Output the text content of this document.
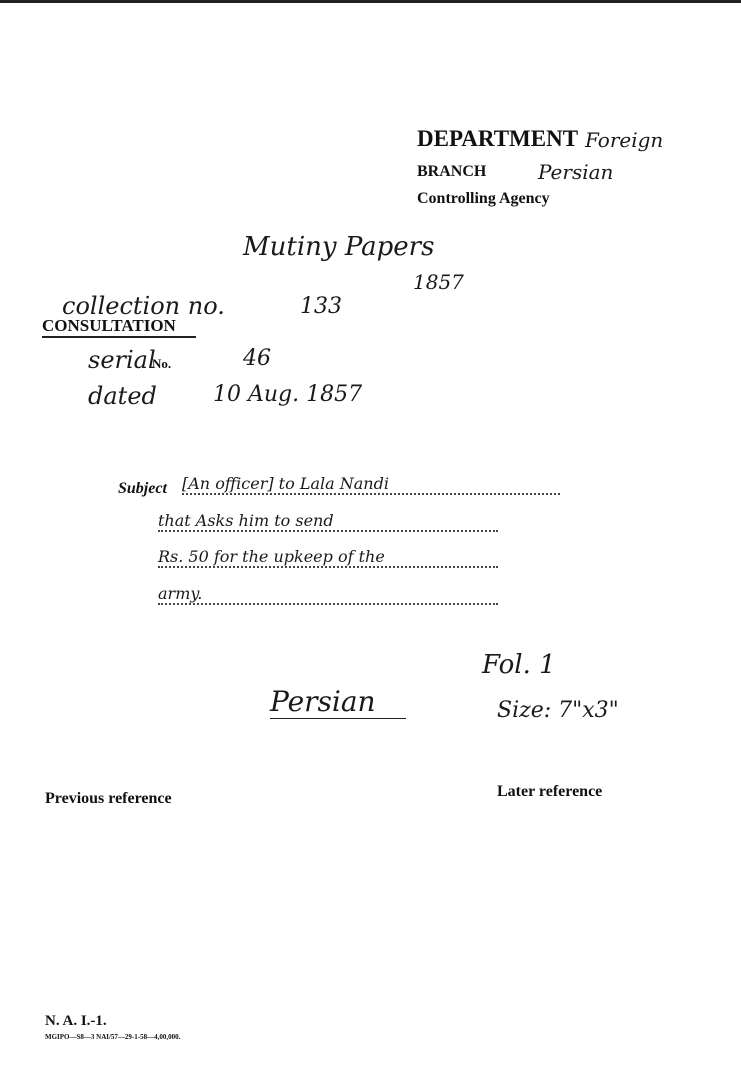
DEPARTMENT Foreign
BRANCH	Persian
Controlling Agency
Mutiny Papers
1857
collection no.	133
CONSULTATION
serial
No.	46
dated	10 Aug. 1857
Subject [An officer] to Lala Nandi
that Asks him to send
Rs. 50 for the upkeep of the
army.
Persian
Fol. 1
Size: 7"x3"
Previous reference	Later reference
N. A. I.-1.
MGIPO—S8—3 NAI/57—29-1-58—4,00,000.
